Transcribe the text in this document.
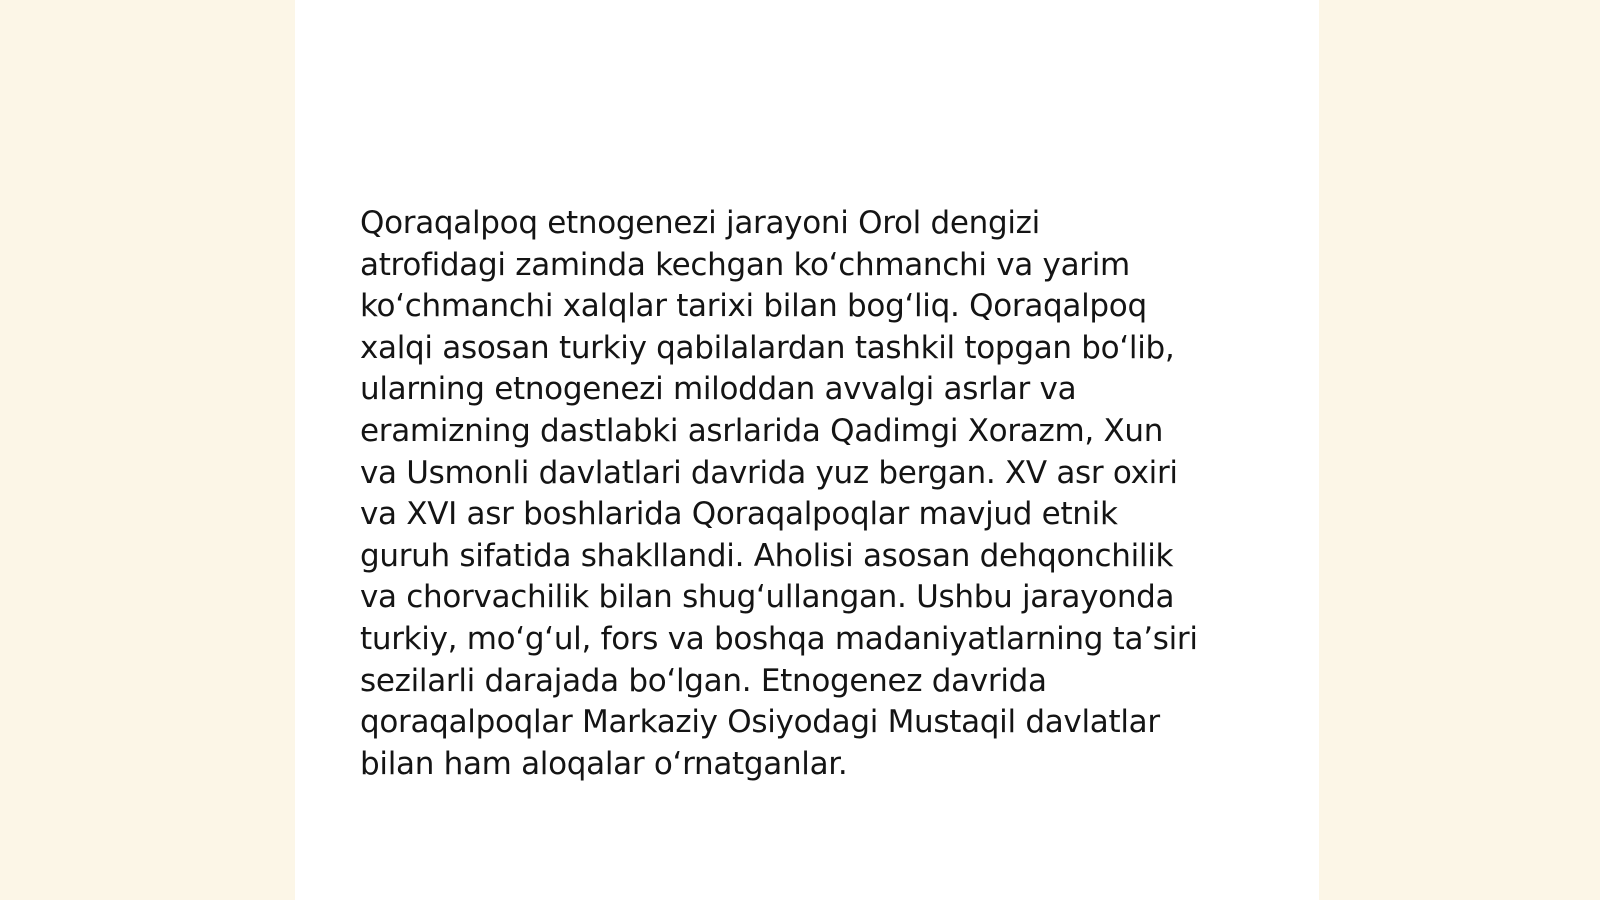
Qoraqalpoq etnogenezi jarayoni Orol dengizi
atrofidagi zaminda kechgan koʻchmanchi va yarim
koʻchmanchi xalqlar tarixi bilan bogʻliq. Qoraqalpoq
xalqi asosan turkiy qabilalardan tashkil topgan boʻlib,
ularning etnogenezi miloddan avvalgi asrlar va
eramizning dastlabki asrlarida Qadimgi Xorazm, Xun
va Usmonli davlatlari davrida yuz bergan. XV asr oxiri
va XVI asr boshlarida Qoraqalpoqlar mavjud etnik
guruh sifatida shakllandi. Aholisi asosan dehqonchilik
va chorvachilik bilan shugʻullangan. Ushbu jarayonda
turkiy, moʻgʻul, fors va boshqa madaniyatlarning taʼsiri
sezilarli darajada boʻlgan. Etnogenez davrida
qoraqalpoqlar Markaziy Osiyodagi Mustaqil davlatlar
bilan ham aloqalar oʻrnatganlar.
